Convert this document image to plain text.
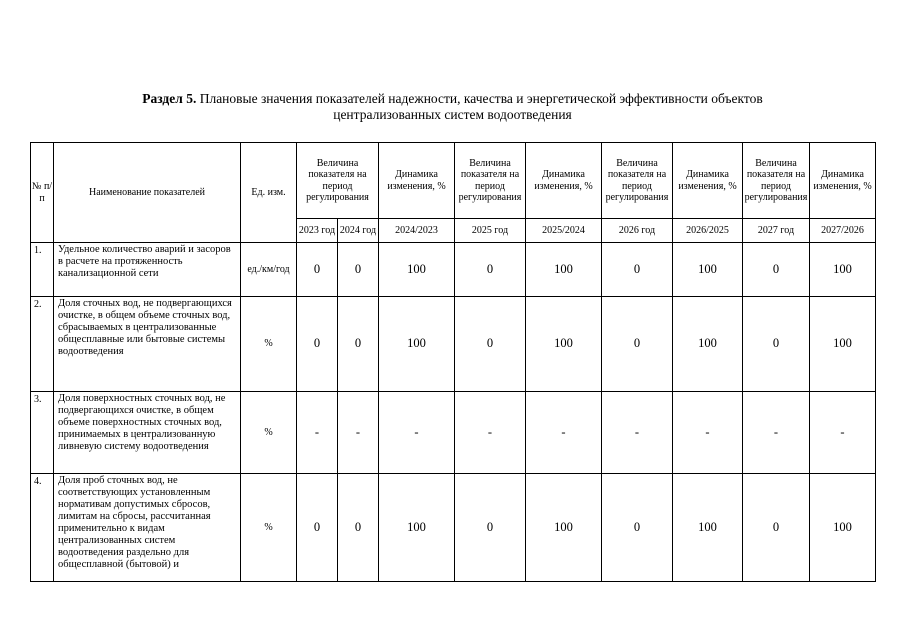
Раздел 5. Плановые значения показателей надежности, качества и энергетической эффективности объектов
централизованных систем водоотведения
№ п/п	Наименование показателей	Ед. изм.	Величина показателя на период регулирования		Динамика изменения, %	Величина показателя на период регулирования	Динамика изменения, %	Величина показателя на период регулирования	Динамика изменения, %	Величина показателя на период регулирования	Динамика изменения, %
			2023 год	2024 год	2024/2023	2025 год	2025/2024	2026 год	2026/2025	2027 год	2027/2026
1.	Удельное количество аварий и засоров в расчете на протяженность канализационной сети	ед./км/год	0	0	100	0	100	0	100	0	100
2.	Доля сточных вод, не подвергающихся очистке, в общем объеме сточных вод, сбрасываемых в централизованные общесплавные или бытовые системы водоотведения	%	0	0	100	0	100	0	100	0	100
3.	Доля поверхностных сточных вод, не подвергающихся очистке, в общем объеме поверхностных сточных вод, принимаемых в централизованную ливневую систему водоотведения	%	-	-	-	-	-	-	-	-	-
4.	Доля проб сточных вод, не соответствующих установленным нормативам допустимых сбросов, лимитам на сбросы, рассчитанная применительно к видам централизованных систем водоотведения раздельно для общесплавной (бытовой) и	%	0	0	100	0	100	0	100	0	100
